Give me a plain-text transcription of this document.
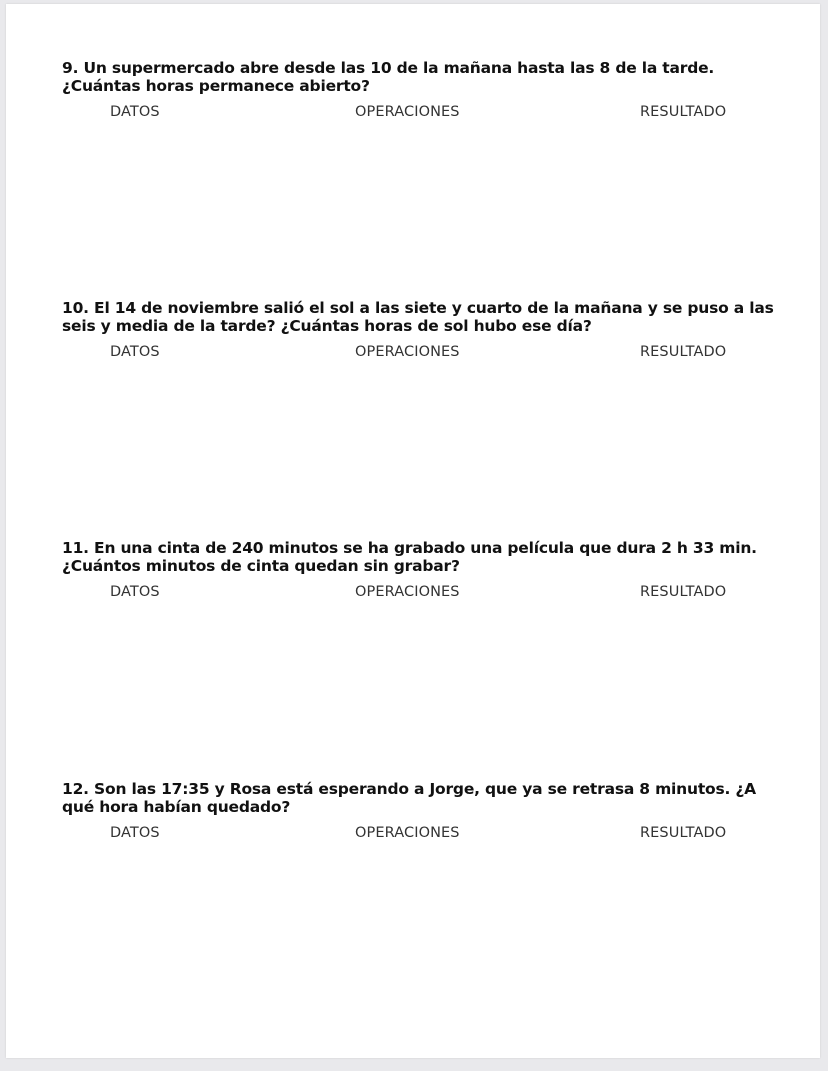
9. Un supermercado abre desde las 10 de la mañana hasta las 8 de la tarde. ¿Cuántas horas permanece abierto?

DATOS	OPERACIONES	RESULTADO

10. El 14 de noviembre salió el sol a las siete y cuarto de la mañana y se puso a las seis y media de la tarde? ¿Cuántas horas de sol hubo ese día?

DATOS	OPERACIONES	RESULTADO

11. En una cinta de 240 minutos se ha grabado una película que dura 2 h 33 min. ¿Cuántos minutos de cinta quedan sin grabar?

DATOS	OPERACIONES	RESULTADO

12. Son las 17:35 y Rosa está esperando a Jorge, que ya se retrasa 8 minutos. ¿A qué hora habían quedado?

DATOS	OPERACIONES	RESULTADO
